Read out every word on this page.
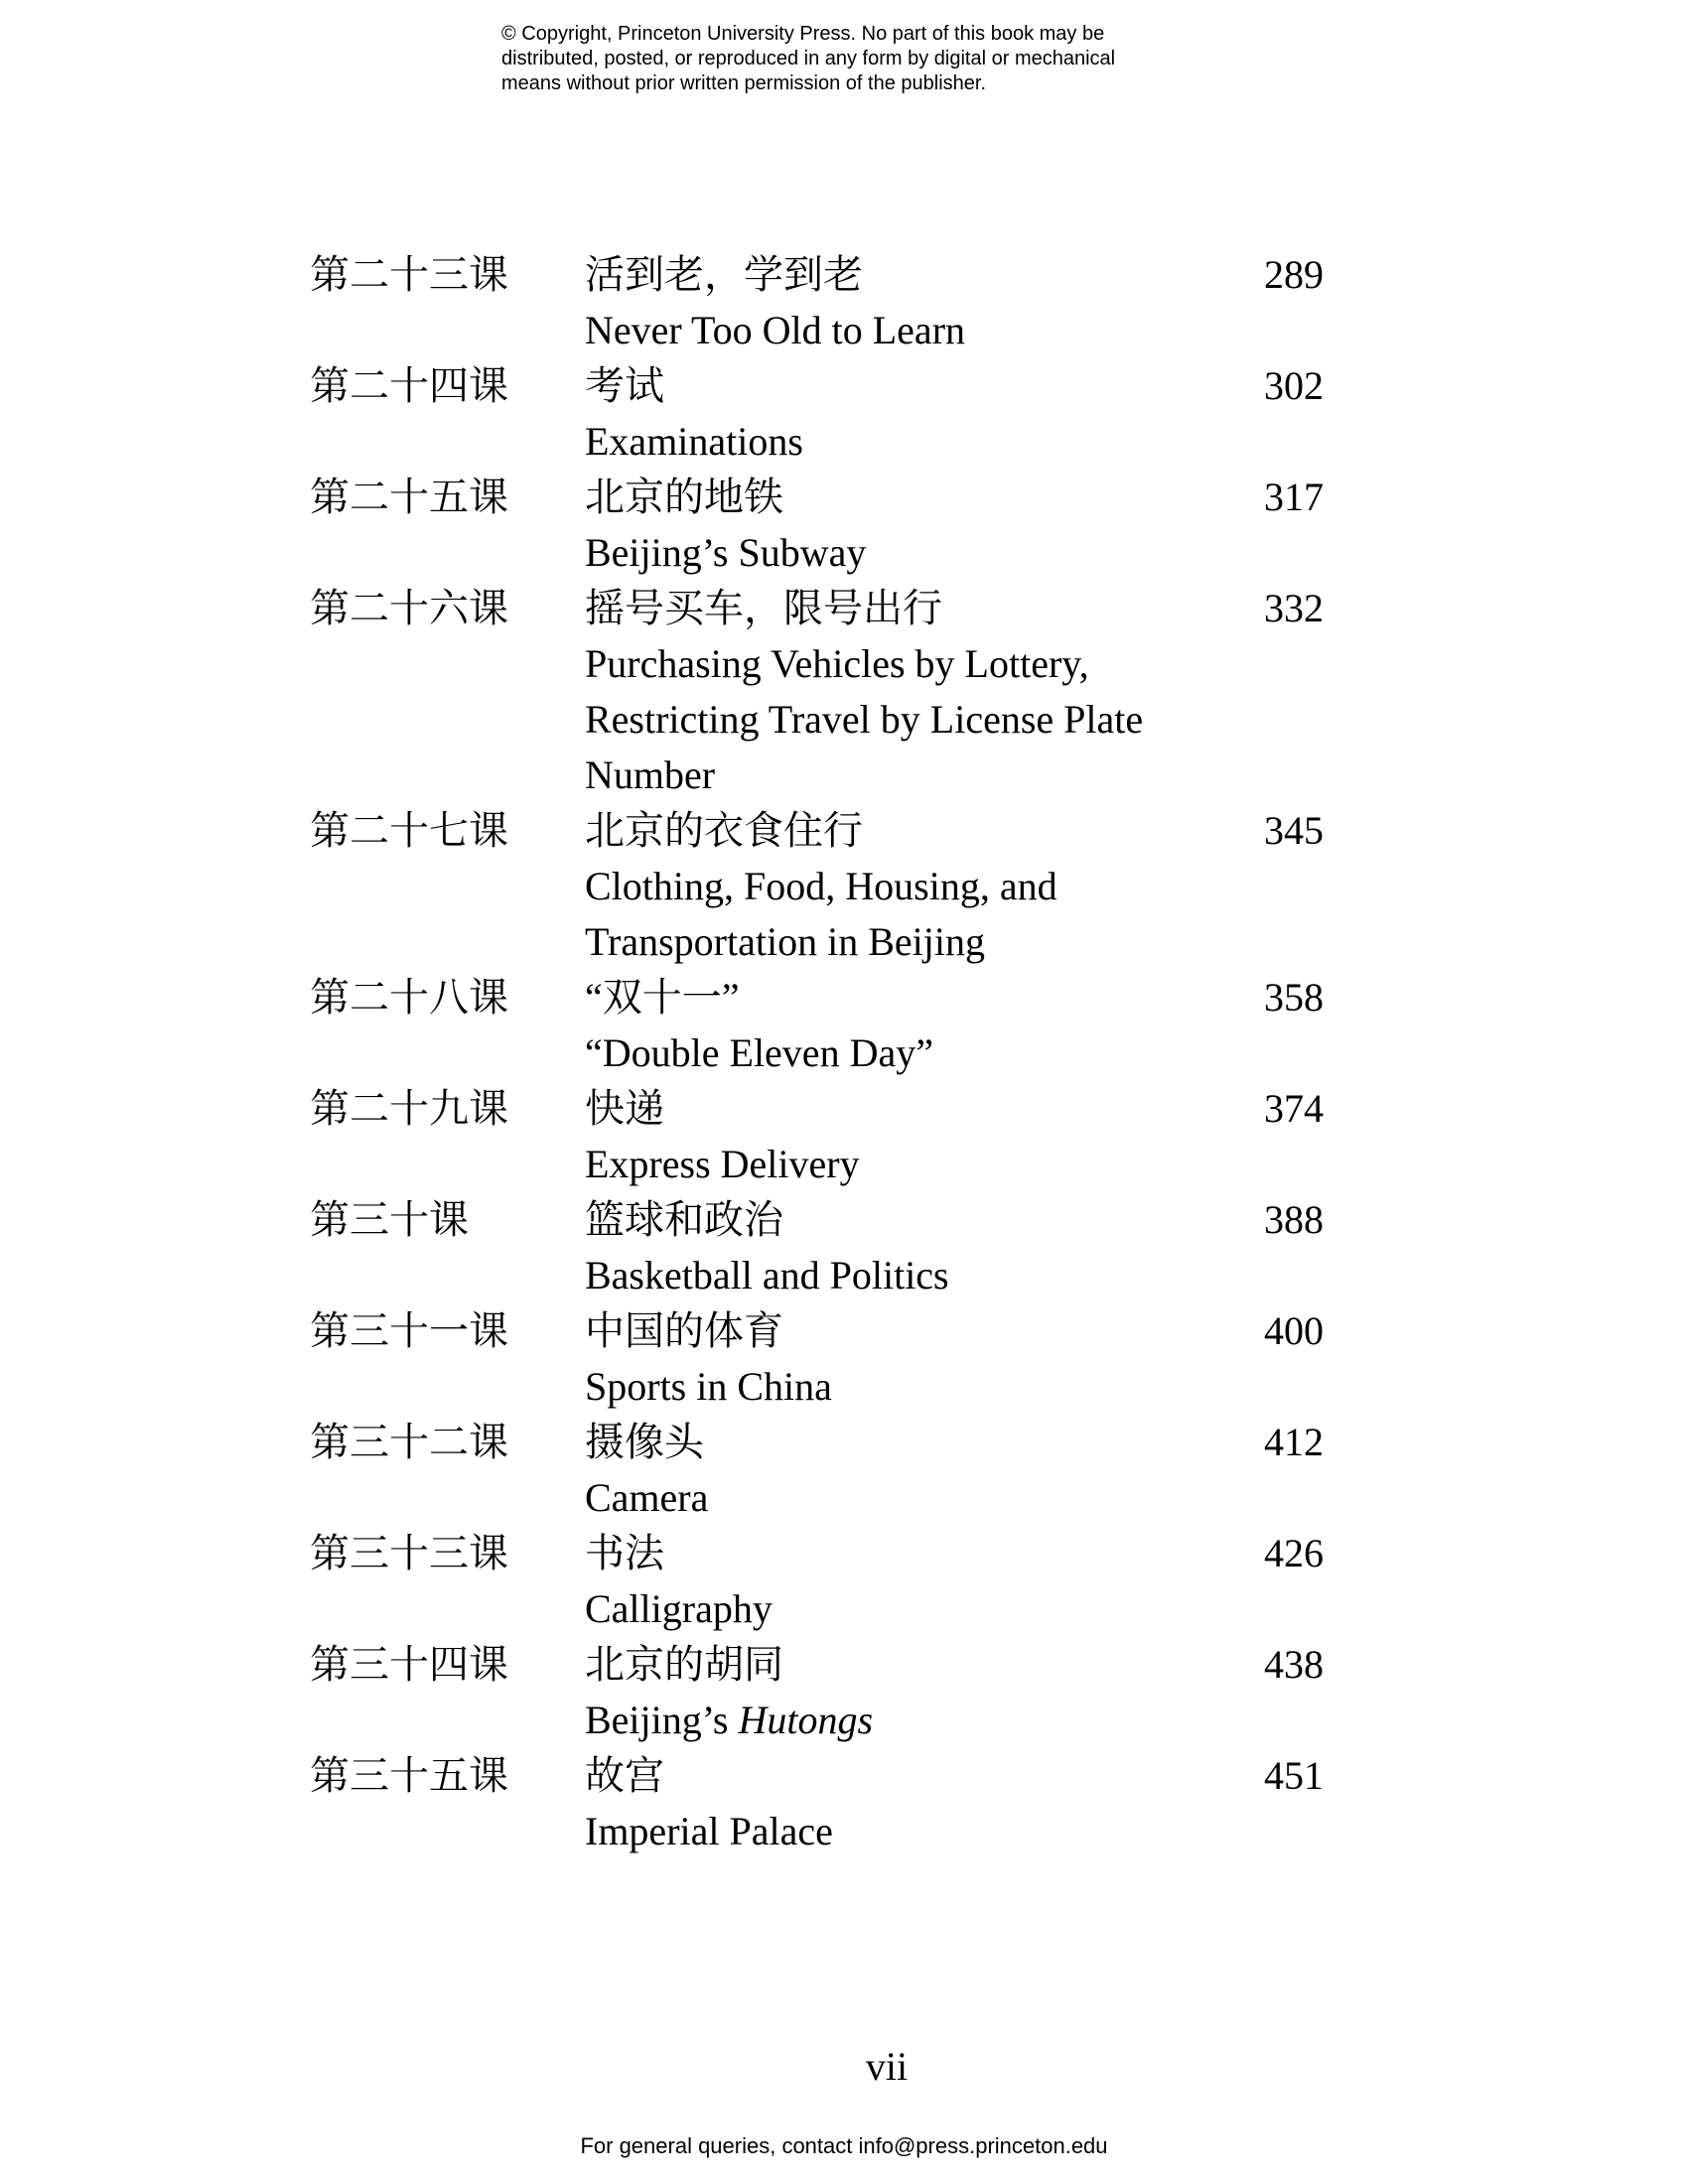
© Copyright, Princeton University Press. No part of this book may be
distributed, posted, or reproduced in any form by digital or mechanical
means without prior written permission of the publisher.
第二十三课	活到老，学到老	289
Never Too Old to Learn
第二十四课	考试	302
Examinations
第二十五课	北京的地铁	317
Beijing’s Subway
第二十六课	摇号买车，限号出行	332
Purchasing Vehicles by Lottery,
Restricting Travel by License Plate
Number
第二十七课	北京的衣食住行	345
Clothing, Food, Housing, and
Transportation in Beijing
第二十八课	“双十一”	358
“Double Eleven Day”
第二十九课	快递	374
Express Delivery
第三十课	篮球和政治	388
Basketball and Politics
第三十一课	中国的体育	400
Sports in China
第三十二课	摄像头	412
Camera
第三十三课	书法	426
Calligraphy
第三十四课	北京的胡同	438
Beijing’s Hutongs
第三十五课	故宫	451
Imperial Palace
vii
For general queries, contact info@press.princeton.edu
